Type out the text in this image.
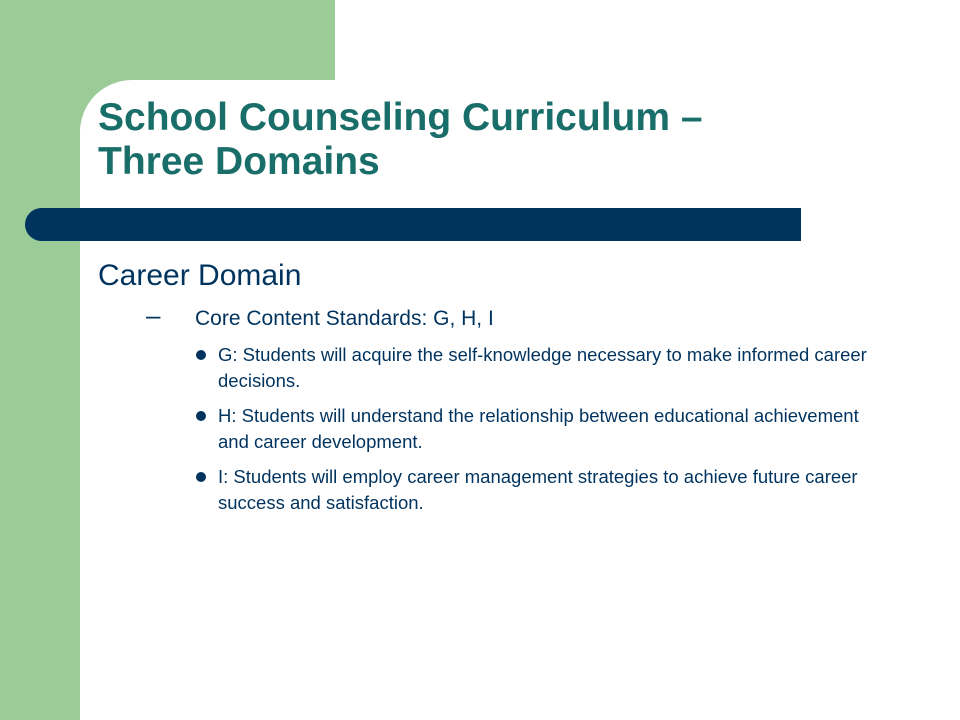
School Counseling Curriculum –
Three Domains

Career Domain

– Core Content Standards: G, H, I
G: Students will acquire the self-knowledge necessary to make informed career decisions.
H: Students will understand the relationship between educational achievement and career development.
I: Students will employ career management strategies to achieve future career success and satisfaction.
